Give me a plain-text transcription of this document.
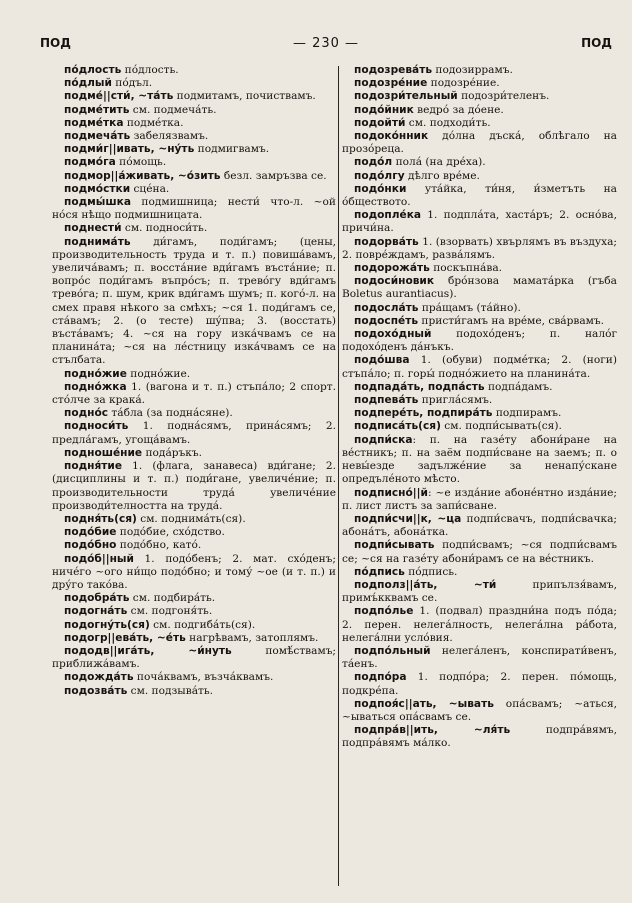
ПОД	— 230 —	ПОД

по́длость по́длость.

по́длый по́дъл.

подме́||сти́, ~та́ть подмитамъ, почиствамъ.

подме́тить см. подмеча́ть.

подме́тка подме́тка.

подмеча́ть забелязвамъ.

подми́г||ивать, ~ну́ть подмигвамъ.

подмо́га по́мощь.

подмор||а́живать, ~о́зить безл. замръзва се.

подмо́стки сце́на.

подмы́шка подмишница; нести́ что-л. ~ой но́ся нѣщо подмишницата.

поднести́ см. подноси́ть.

поднима́ть ди́гамъ, поди́гамъ; (цены, производительность труда и т. п.) повиша́вамъ, увелича́вамъ; п. восста́ние вди́гамъ въста́ние; п. вопро́с поди́гамъ въпро́съ; п. трево́гу вди́гамъ трево́га; п. шум, крик вди́гамъ шумъ; п. кого́-л. на смех правя нѣкого за смѣхъ; ~ся 1. поди́гамъ се, ста́вамъ; 2. (о тесте) шу́пва; 3. (восстать) въста́вамъ; 4. ~ся на гору изка́чвамъ се на планина́та; ~ся на ле́стницу изка́чвамъ се на стълбата.

подно́жие подно́жие.

подно́жка 1. (вагона и т. п.) стъпа́ло; 2 спорт. сто́лче за крака́.

подно́с та́бла (за подна́сяне).

подноси́ть 1. подна́сямъ, прина́сямъ; 2. предла́гамъ, угоща́вамъ.

подноше́ние пода́ръкъ.

подня́тие 1. (флага, занавеса) вди́гане; 2. (дисциплины и т. п.) поди́гане, увеличе́ние; п. производительности труда́ увеличе́ние производи́телността на труда́.

подня́ть(ся) см. поднима́ть(ся).

подо́бие подо́бие, схо́дство.

подо́бно подо́бно, като́.

подо́б||ный 1. подо́бенъ; 2. мат. схо́денъ; ниче́го ~ого ни́що подо́бно; и тому́ ~ое (и т. п.) и дру́го тако́ва.

подобра́ть см. подбира́ть.

подогна́ть см. подгоня́ть.

подогну́ть(ся) см. подгиба́ть(ся).

подогр||ева́ть, ~е́ть нагрѣвамъ, затоплямъ.

пододв||ига́ть, ~и́нуть помѣ́ствамъ; приближа́вамъ.

подожда́ть поча́квамъ, възча́квамъ.

подозва́ть см. подзыва́ть.

подозрева́ть подозиррамъ.

подозре́ние подозре́ние.

подозри́тельный подозри́теленъ.

подо́йник ведро́ за до́ене.

подойти́ см. подходи́ть.

подоко́нник до́лна дъска́, облѣгало на прозо́реца.

подо́л пола́ (на дре́ха).

подо́лгу дѣлго вре́ме.

подо́нки ута́йка, ти́ня, и́зметъть на о́бществото.

подопле́ка 1. подпла́та, хаста́ръ; 2. осно́ва, причи́на.

подорва́ть 1. (взорвать) хвърлямъ въ въздуха; 2. повре́ждамъ, разва́лямъ.

подорожа́ть поскъпна́ва.

подоси́новик бро́нзова мамата́рка (гъба Boletus aurantiacus).

подосла́ть пра́щамъ (та́йно).

подоспе́ть присти́гамъ на вре́ме, сва́рвамъ.

подохо́дный подохо́денъ; п. нало́г подохо́денъ да́нъкъ.

подо́шва 1. (обуви) подме́тка; 2. (ноги) стъпа́ло; п. горы́ подно́жието на планина́та.

подпада́ть, подпа́сть подпа́дамъ.

подпева́ть пригла́сямъ.

подпере́ть, подпира́ть подпирамъ.

подписа́ть(ся) см. подпи́сывать(ся).

подпи́ска: п. на газе́ту абони́ране на ве́стникъ; п. на заём подпи́сване на заемъ; п. о невы́езде задълже́ние за ненапу́скане опредъле́ното мѣсто.

подписно́||й: ~е изда́ние абоне́нтно изда́ние; п. лист листъ за запи́сване.

подпи́счи||к, ~ца подпи́свачъ, подпи́свачка; абона́тъ, абона́тка.

подпи́сывать подпи́свамъ; ~ся подпи́свамъ се; ~ся на газе́ту абони́рамъ се на ве́стникъ.

по́дпись по́дпись.

подполз||а́ть, ~ти́ припълзя́вамъ, примъ́кквамъ се.

подпо́лье 1. (подвал) праздни́на подъ по́да; 2. перен. нелега́лность, нелега́лна ра́бота, нелега́лни усло́вия.

подпо́льный нелега́ленъ, конспирати́венъ, та́енъ.

подпо́ра 1. подпо́ра; 2. перен. по́мощь, подкре́па.

подпоя́с||ать, ~ывать опа́свамъ; ~аться, ~ываться опа́свамъ се.

подпра́в||ить, ~ля́ть подпра́вямъ, подпра́вямъ ма́лко.
